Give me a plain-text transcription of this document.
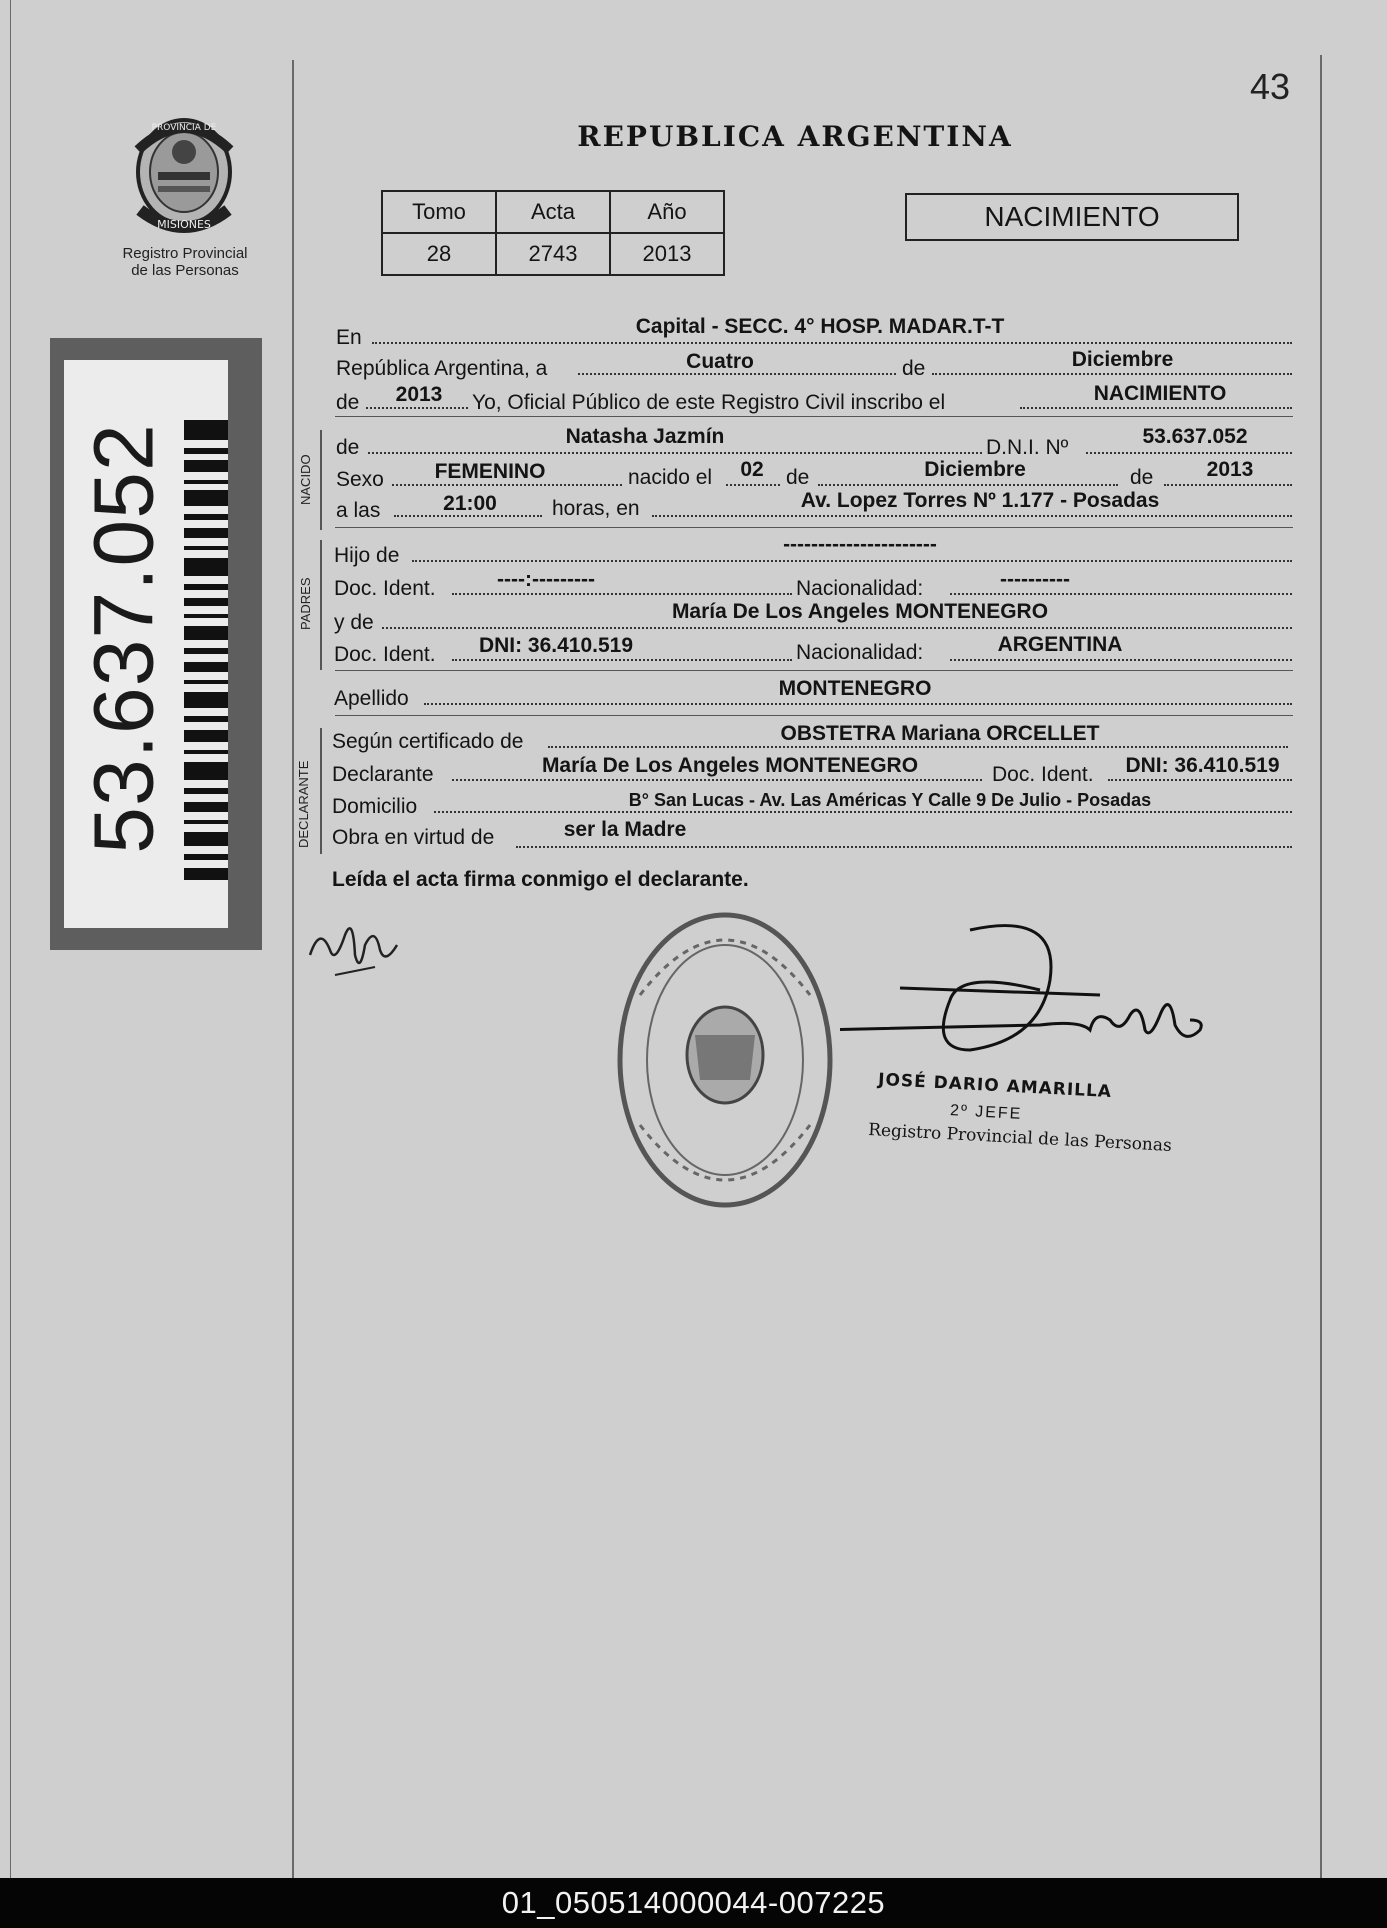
43
PROVINCIA DE
MISIONES
Registro Provincial
de las Personas
53.637.052
REPUBLICA ARGENTINA
Tomo	Acta	Año
28	2743	2013
NACIMIENTO
En	Capital - SECC. 4° HOSP. MADAR.T-T
República Argentina, a	Cuatro	de	Diciembre
de	2013	Yo, Oficial Público de este Registro Civil inscribo el	NACIMIENTO
NACIDO
de	Natasha Jazmín	D.N.I. Nº	53.637.052
Sexo	FEMENINO	nacido el	02	de	Diciembre	de	2013
a las	21:00	horas, en	Av. Lopez Torres Nº 1.177 - Posadas
PADRES
Hijo de	----------------------
Doc. Ident.	----:---------	Nacionalidad:	----------
y de	María De Los Angeles MONTENEGRO
Doc. Ident.	DNI: 36.410.519	Nacionalidad:	ARGENTINA
Apellido	MONTENEGRO
DECLARANTE
Según certificado de	OBSTETRA Mariana ORCELLET
Declarante	María De Los Angeles MONTENEGRO	Doc. Ident.	DNI: 36.410.519
Domicilio	B° San Lucas - Av. Las Américas Y Calle 9 De Julio - Posadas
Obra en virtud de	ser la Madre
Leída el acta firma conmigo el declarante.
JOSÉ DARIO AMARILLA
2º JEFE
Registro Provincial de las Personas
01_050514000044-007225
